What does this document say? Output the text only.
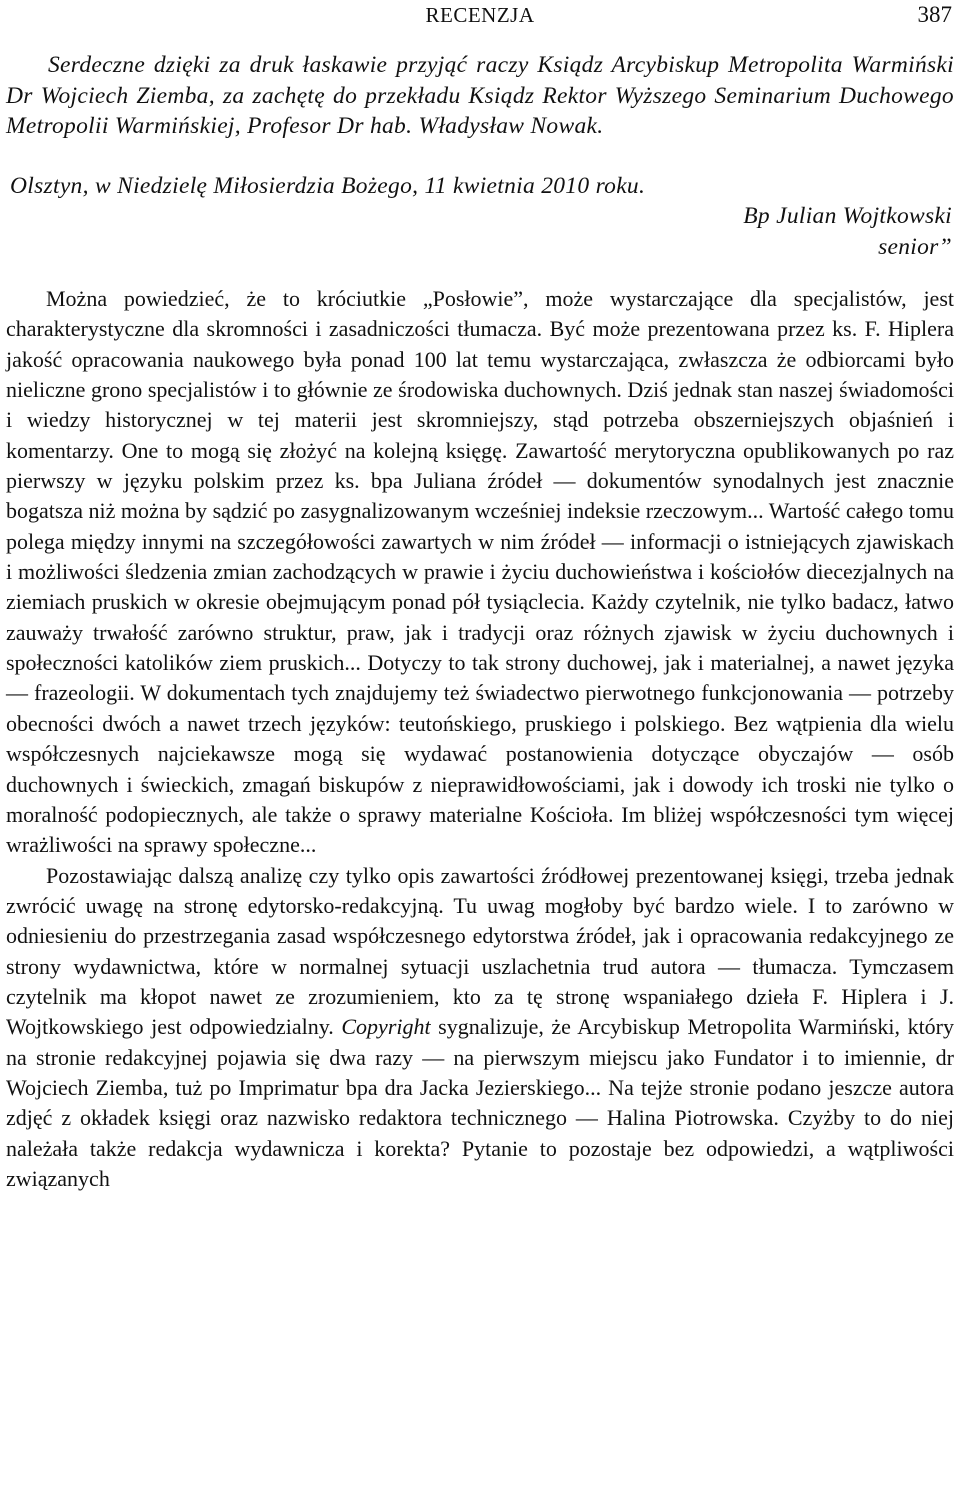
RECENZJA	387

Serdeczne dzięki za druk łaskawie przyjąć raczy Ksiądz Arcybiskup Metropolita Warmiński Dr Wojciech Ziemba, za zachętę do przekładu Ksiądz Rektor Wyższego Seminarium Duchowego Metropolii Warmińskiej, Profesor Dr hab. Władysław Nowak.

Olsztyn, w Niedzielę Miłosierdzia Bożego, 11 kwietnia 2010 roku.

Bp Julian Wojtkowski

senior”

Można powiedzieć, że to króciutkie „Posłowie”, może wystarczające dla specjalistów, jest charakterystyczne dla skromności i zasadniczości tłumacza. Być może prezentowana przez ks. F. Hiplera jakość opracowania naukowego była ponad 100 lat temu wystarczająca, zwłaszcza że odbiorcami było nieliczne grono specjalistów i to głównie ze środowiska duchownych. Dziś jednak stan naszej świadomości i wiedzy historycznej w tej materii jest skromniejszy, stąd potrzeba obszerniejszych objaśnień i komentarzy. One to mogą się złożyć na kolejną księgę. Zawartość merytoryczna opublikowanych po raz pierwszy w języku polskim przez ks. bpa Juliana źródeł — dokumentów synodalnych jest znacznie bogatsza niż można by sądzić po zasygnalizowanym wcześniej indeksie rzeczowym... Wartość całego tomu polega między innymi na szczegółowości zawartych w nim źródeł — informacji o istniejących zjawiskach i możliwości śledzenia zmian zachodzących w prawie i życiu duchowieństwa i kościołów diecezjalnych na ziemiach pruskich w okresie obejmującym ponad pół tysiąclecia. Każdy czytelnik, nie tylko badacz, łatwo zauważy trwałość zarówno struktur, praw, jak i tradycji oraz różnych zjawisk w życiu duchownych i społeczności katolików ziem pruskich... Dotyczy to tak strony duchowej, jak i materialnej, a nawet języka — frazeologii. W dokumentach tych znajdujemy też świadectwo pierwotnego funkcjonowania — potrzeby obecności dwóch a nawet trzech języków: teutońskiego, pruskiego i polskiego. Bez wątpienia dla wielu współczesnych najciekawsze mogą się wydawać postanowienia dotyczące obyczajów — osób duchownych i świeckich, zmagań biskupów z nieprawidłowościami, jak i dowody ich troski nie tylko o moralność podopiecznych, ale także o sprawy materialne Kościoła. Im bliżej współczesności tym więcej wrażliwości na sprawy społeczne...

Pozostawiając dalszą analizę czy tylko opis zawartości źródłowej prezentowanej księgi, trzeba jednak zwrócić uwagę na stronę edytorsko-redakcyjną. Tu uwag mogłoby być bardzo wiele. I to zarówno w odniesieniu do przestrzegania zasad współczesnego edytorstwa źródeł, jak i opracowania redakcyjnego ze strony wydawnictwa, które w normalnej sytuacji uszlachetnia trud autora — tłumacza. Tymczasem czytelnik ma kłopot nawet ze zrozumieniem, kto za tę stronę wspaniałego dzieła F. Hiplera i J. Wojtkowskiego jest odpowiedzialny. Copyright sygnalizuje, że Arcybiskup Metropolita Warmiński, który na stronie redakcyjnej pojawia się dwa razy — na pierwszym miejscu jako Fundator i to imiennie, dr Wojciech Ziemba, tuż po Imprimatur bpa dra Jacka Jezierskiego... Na tejże stronie podano jeszcze autora zdjęć z okładek księgi oraz nazwisko redaktora technicznego — Halina Piotrowska. Czyżby to do niej należała także redakcja wydawnicza i korekta? Pytanie to pozostaje bez odpowiedzi, a wątpliwości związanych
